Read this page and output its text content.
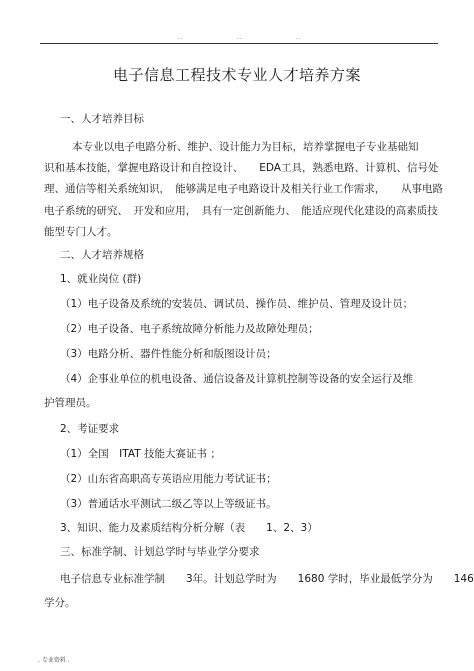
..	..	..
电子信息工程技术专业人才培养方案
一、人才培养目标
本专业以电子电路分析、维护、设计能力为目标，培养掌握电子专业基础知
识和基本技能，掌握电路设计和自控设计、　　EDA工具，熟悉电路、计算机、信号处
理、通信等相关系统知识，　能够满足电子电路设计及相关行业工作需求，　　从事电路
电子系统的研究、　开发和应用，　具有一定创新能力、　能适应现代化建设的高素质技
能型专门人才。
二、人才培养规格
1、就业岗位 (群)
（1）电子设备及系统的安装员、调试员、操作员、维护员、管理及设计员；
（2）电子设备、电子系统故障分析能力及故障处理员；
（3）电路分析、器件性能分析和版图设计员；
（4）企事业单位的机电设备、通信设备及计算机控制等设备的安全运行及维
护管理员。
2、考证要求
（1）全国　ITAT 技能大赛证书 ；
（2）山东省高职高专英语应用能力考试证书；
（3）普通话水平测试二级乙等以上等级证书。
3、知识、能力及素质结构分析分解（表　　1、2、3）
三、标准学制、计划总学时与毕业学分要求
电子信息专业标准学制　　3年。计划总学时为　　1680 学时，毕业最低学分为　　146
学分。
. 专业资料 .
